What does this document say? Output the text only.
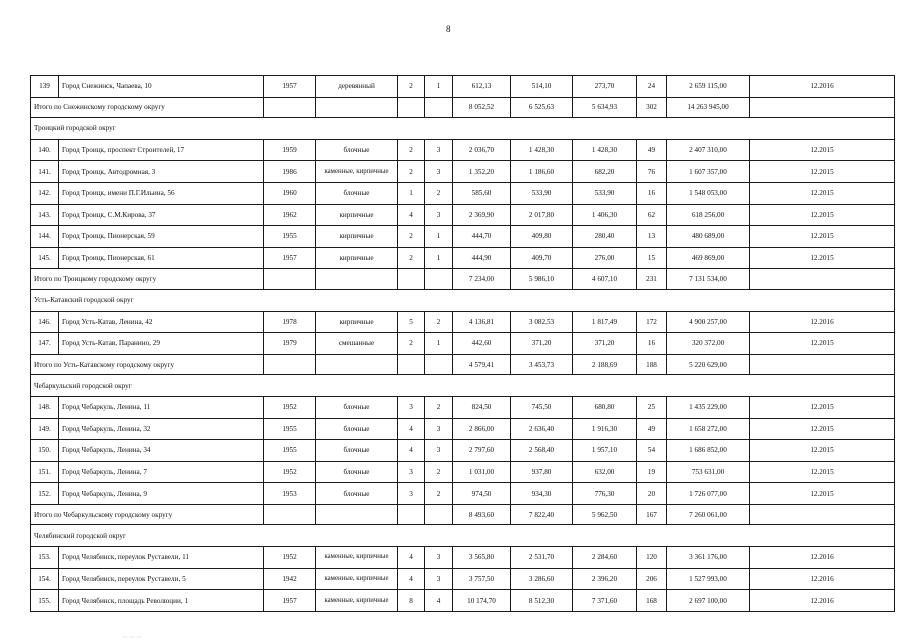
8
139	Город Снежинск, Чапаева, 10	1957	деревянный	2	1	612,13	514,10	273,70	24	2 659 115,00	12.2016
Итого по Снежинскому городскому округу						8 052,52	6 525,63	5 634,93	302	14 263 945,00	
Троицкий городской округ											
140.	Город Троицк, проспект Строителей, 17	1959	блочные	2	3	2 036,70	1 428,30	1 428,30	49	2 407 310,00	12.2015
141.	Город Троицк, Автодромная, 3	1986	каменные, кирпичные	2	3	1 352,20	1 186,60	682,20	76	1 607 357,00	12.2015
142.	Город Троицк, имени П.Г.Ильина, 56	1960	блочные	1	2	585,60	533,90	533,90	16	1 548 053,00	12.2015
143.	Город Троицк, С.М.Кирова, 37	1962	кирпичные	4	3	2 369,90	2 017,80	1 406,30	62	618 256,00	12.2015
144.	Город Троицк, Пионерская, 59	1955	кирпичные	2	1	444,70	409,80	280,40	13	480 689,00	12.2015
145.	Город Троицк, Пионерская, 61	1957	кирпичные	2	1	444,90	409,70	276,00	15	469 869,00	12.2015
Итого по Троицкому городскому округу						7 234,00	5 986,10	4 607,10	231	7 131 534,00	
Усть-Катавский городской округ											
146.	Город Усть-Катав, Ленина, 42	1978	кирпичные	5	2	4 136,81	3 082,53	1 817,49	172	4 900 257,00	12.2016
147.	Город Усть-Катав, Паранино, 29	1979	смешанные	2	1	442,60	371,20	371,20	16	320 372,00	12.2015
Итого по Усть-Катавскому городскому округу						4 579,41	3 453,73	2 188,69	188	5 220 629,00	
Чебаркульский городской округ											
148.	Город Чебаркуль, Ленина, 11	1952	блочные	3	2	824,50	745,50	680,80	25	1 435 229,00	12.2015
149.	Город Чебаркуль, Ленина, 32	1955	блочные	4	3	2 866,00	2 636,40	1 916,30	49	1 658 272,00	12.2015
150.	Город Чебаркуль, Ленина, 34	1955	блочные	4	3	2 797,60	2 568,40	1 957,10	54	1 686 852,00	12.2015
151.	Город Чебаркуль, Ленина, 7	1952	блочные	3	2	1 031,00	937,80	632,00	19	753 631,00	12.2015
152.	Город Чебаркуль, Ленина, 9	1953	блочные	3	2	974,50	934,30	776,30	20	1 726 077,00	12.2015
Итого по Чебаркульскому городскому округу						8 493,60	7 822,40	5 962,50	167	7 260 061,00	
Челябинский городской округ											
153.	Город Челябинск, переулок Руставели, 11	1952	каменные, кирпичные	4	3	3 565,80	2 531,70	2 284,60	120	3 361 176,00	12.2016
154.	Город Челябинск, переулок Руставели, 5	1942	каменные, кирпичные	4	3	3 757,50	3 286,60	2 396,20	206	1 527 993,00	12.2016
155.	Город Челябинск, площадь Революции, 1	1957	каменные, кирпичные	8	4	10 174,70	8 512,30	7 371,60	168	2 697 100,00	12.2016
⋯⋯⋯
